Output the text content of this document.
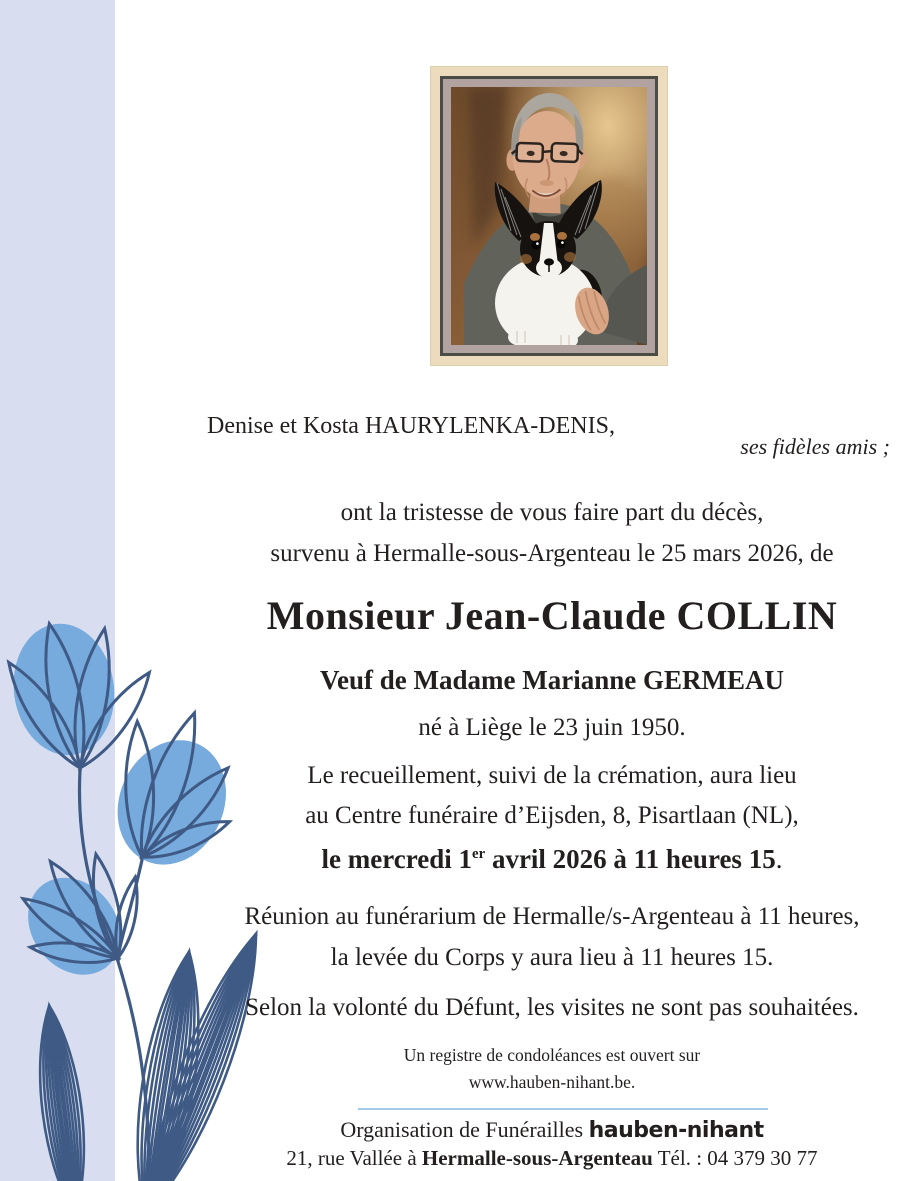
Denise et Kosta HAURYLENKA-DENIS,

ses fidèles amis ;

ont la tristesse de vous faire part du décès,

survenu à Hermalle-sous-Argenteau le 25 mars 2026, de

Monsieur Jean-Claude COLLIN

Veuf de Madame Marianne GERMEAU

né à Liège le 23 juin 1950.

Le recueillement, suivi de la crémation, aura lieu

au Centre funéraire d’Eijsden, 8, Pisartlaan (NL),

le mercredi 1er avril 2026 à 11 heures 15.

Réunion au funérarium de Hermalle/s-Argenteau à 11 heures,

la levée du Corps y aura lieu à 11 heures 15.

Selon la volonté du Défunt, les visites ne sont pas souhaitées.

Un registre de condoléances est ouvert sur

www.hauben-nihant.be.

Organisation de Funérailles hauben-nihant

21, rue Vallée à Hermalle-sous-Argenteau Tél. : 04 379 30 77
